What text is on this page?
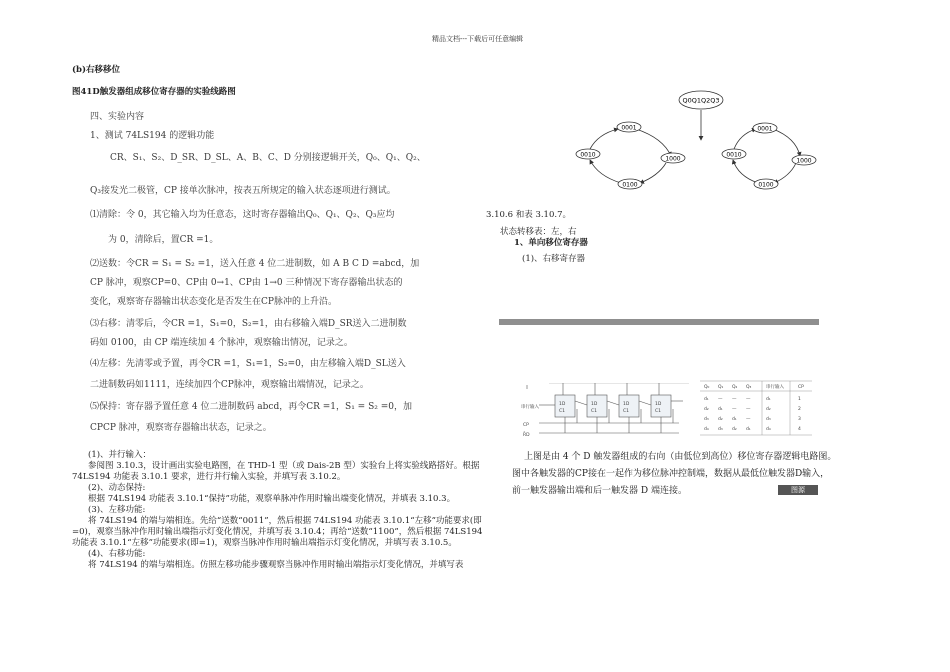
精品文档---下载后可任意编辑
(b)右移移位
图41D触发器组成移位寄存器的实验线路图
四、实验内容
1、测试 74LS194 的逻辑功能
CR、S₁、S₂、D_SR、D_SL、A、B、C、D 分别接逻辑开关，Q₀、Q₁、Q₂、
Q₃接发光二极管，CP 接单次脉冲，按表五所规定的输入状态逐项进行测试。
⑴清除：令 0，其它输入均为任意态，这时寄存器输出Q₀、Q₁、Q₂、Q₃应均
为 0，清除后，置CR =1。
⑵送数：令CR = S₁ = S₂ =1，送入任意 4 位二进制数，如 A B C D =abcd，加
CP 脉冲，观察CP=0、CP由 0→1、CP由 1→0 三种情况下寄存器输出状态的
变化，观察寄存器输出状态变化是否发生在CP脉冲的上升沿。
⑶右移：清零后，令CR =1，S₁=0，S₂=1，由右移输入端D_SR送入二进制数
码如 0100，由 CP 端连续加 4 个脉冲，观察输出情况，记录之。
⑷左移：先清零或予置，再令CR =1，S₁=1，S₂=0，由左移输入端D_SL送入
二进制数码如1111，连续加四个CP脉冲，观察输出端情况，记录之。
⑸保持：寄存器予置任意 4 位二进制数码 abcd，再令CR =1，S₁ = S₂ =0，加
CPCP 脉冲，观察寄存器输出状态，记录之。
(1)、并行输入：
参阅图 3.10.3，设计画出实验电路图，在 THD-1 型（或 Dais-2B 型）实验台上将实验线路搭好。根据
74LS194 功能表 3.10.1 要求，进行并行输入实验，并填写表 3.10.2。
(2)、动态保持:
根据 74LS194 功能表 3.10.1“保持”功能，观察单脉冲作用时输出端变化情况，并填表 3.10.3。
(3)、左移功能:
将 74LS194 的端与端相连。先给“送数“0011”，然后根据 74LS194 功能表 3.10.1“左移”功能要求(即
=0)，观察当脉冲作用时输出端指示灯变化情况，并填写表 3.10.4；再给“送数“1100”，然后根据 74LS194
功能表 3.10.1“左移”功能要求(即=1)，观察当脉冲作用时输出端指示灯变化情况，并填写表 3.10.5。
(4)、右移功能:
将 74LS194 的端与端相连。仿照左移功能步骤观察当脉冲作用时输出端指示灯变化情况，并填写表
Q0Q1Q2Q3
0001
1000
0100
0010
0001
1000
0100
0010
3.10.6 和表 3.10.7。
状态转移表：左，右
1、单向移位寄存器
(1)、右移寄存器
串行输入
CP
R̄D
1D
C1
1D
C1
1D
C1
1D
C1
Q₀ Q₁ Q₂ Q₃	串行输入	CP
d₁ — — —	d₁	1
d₂ d₁ — —	d₂	2
d₃ d₂ d₁ —	d₃	3
d₄ d₃ d₂ d₁	d₄	4
上图是由 4 个 D 触发器组成的右向（由低位到高位）移位寄存器逻辑电路图。
图中各触发器的CP接在一起作为移位脉冲控制端，数据从最低位触发器D输入，
前一触发器输出端和后一触发器 D 端连接。	图源
